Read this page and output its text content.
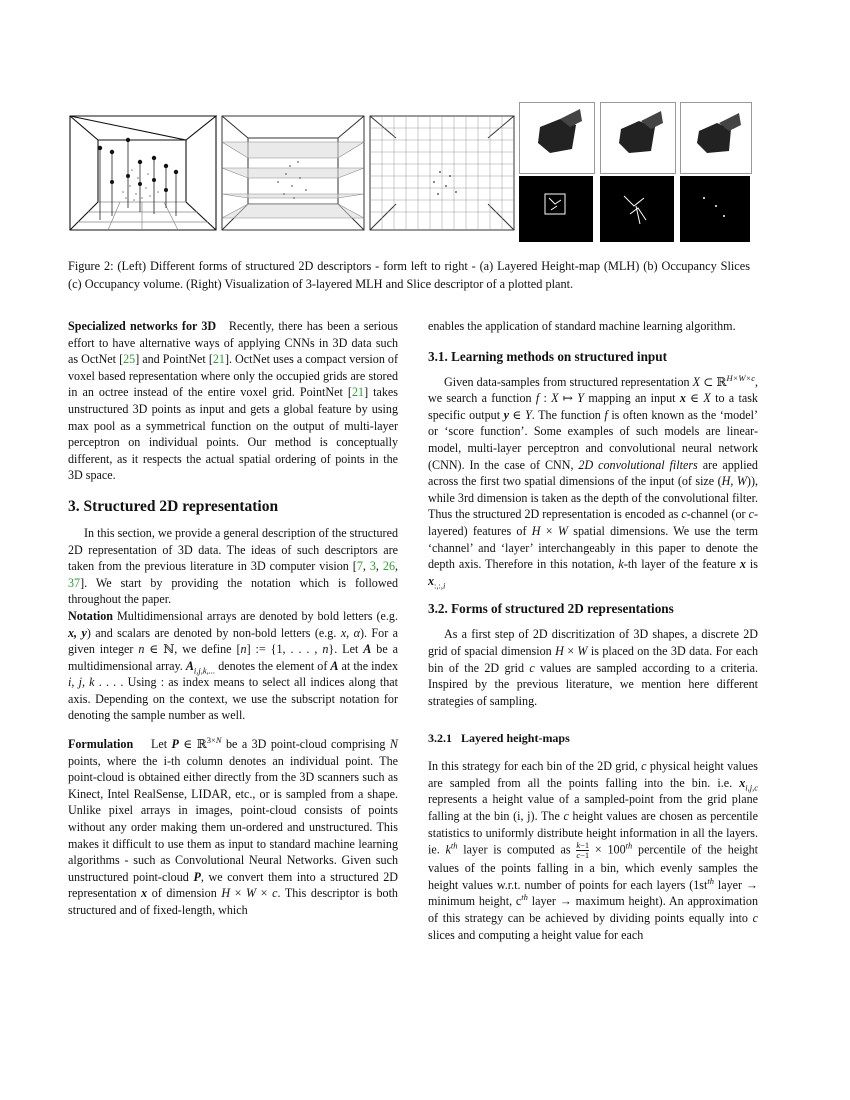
Figure 2: (Left) Different forms of structured 2D descriptors - form left to right - (a) Layered Height-map (MLH) (b) Occupancy Slices (c) Occupancy volume. (Right) Visualization of 3-layered MLH and Slice descriptor of a plotted plant.

Specialized networks for 3D Recently, there has been a serious effort to have alternative ways of applying CNNs in 3D data such as OctNet [25] and PointNet [21]. OctNet uses a compact version of voxel based representation where only the occupied grids are stored in an octree instead of the entire voxel grid. PointNet [21] takes unstructured 3D points as input and gets a global feature by using max pool as a symmetrical function on the output of multi-layer perceptron on individual points. Our method is conceptually different, as it respects the actual spatial ordering of points in the 3D space.

3. Structured 2D representation

In this section, we provide a general description of the structured 2D representation of 3D data. The ideas of such descriptors are taken from the previous literature in 3D computer vision [7, 3, 26, 37]. We start by providing the notation which is followed throughout the paper.

Notation Multidimensional arrays are denoted by bold letters (e.g. x, y) and scalars are denoted by non-bold letters (e.g. x, α). For a given integer n ∈ ℕ, we define [n] := {1, . . . , n}. Let A be a multidimensional array. $A_{i,j,k,...}$ denotes the element of A at the index i, j, k . . . . Using : as index means to select all indices along that axis. Depending on the context, we use the subscript notation for denoting the sample number as well.

Formulation Let P ∈ ℝ$^{3\times N}$ be a 3D point-cloud comprising N points, where the i-th column denotes an individual point. The point-cloud is obtained either directly from the 3D scanners such as Kinect, Intel RealSense, LIDAR, etc., or is sampled from a shape. Unlike pixel arrays in images, point-cloud consists of points without any order making them un-ordered and unstructured. This makes it difficult to use them as input to standard machine learning algorithms - such as Convolutional Neural Networks. Given such unstructured point-cloud P, we convert them into a structured 2D representation x of dimension H × W × c. This descriptor is both structured and of fixed-length, which

enables the application of standard machine learning algorithm.

3.1. Learning methods on structured input

Given data-samples from structured representation X ⊂ ℝ$^{H\times W\times c}$, we search a function f : X ↦ Y mapping an input x ∈ X to a task specific output y ∈ Y. The function f is often known as the ‘model’ or ‘score function’. Some examples of such models are linear-model, multi-layer perceptron and convolutional neural network (CNN). In the case of CNN, 2D convolutional filters are applied across the first two spatial dimensions of the input (of size (H, W)), while 3rd dimension is taken as the depth of the convolutional filter. Thus the structured 2D representation is encoded as c-channel (or c-layered) features of H × W spatial dimensions. We use the term ‘channel’ and ‘layer’ interchangeably in this paper to denote the depth axis. Therefore in this notation, k-th layer of the feature x is $x_{:,:,i}$

3.2. Forms of structured 2D representations

As a first step of 2D discritization of 3D shapes, a discrete 2D grid of spacial dimension H × W is placed on the 3D data. For each bin of the 2D grid c values are sampled according to a criteria. Inspired by the previous literature, we mention here different strategies of sampling.

3.2.1   Layered height-maps

In this strategy for each bin of the 2D grid, c physical height values are sampled from all the points falling into the bin. i.e. $x_{i,j,c}$ represents a height value of a sampled-point from the grid plane falling at the bin (i, j). The c height values are chosen as percentile statistics to uniformly distribute height information in all the layers. ie. $k^{th}$ layer is computed as $\frac{k-1}{c-1} \times 100th$ percentile of the height values of the points falling in a bin, which evenly samples the height values w.r.t. number of points for each layers ($1st^{th}$ layer → minimum height, $c^{th}$ layer → maximum height). An approximation of this strategy can be achieved by dividing points equally into c slices and computing a height value for each
